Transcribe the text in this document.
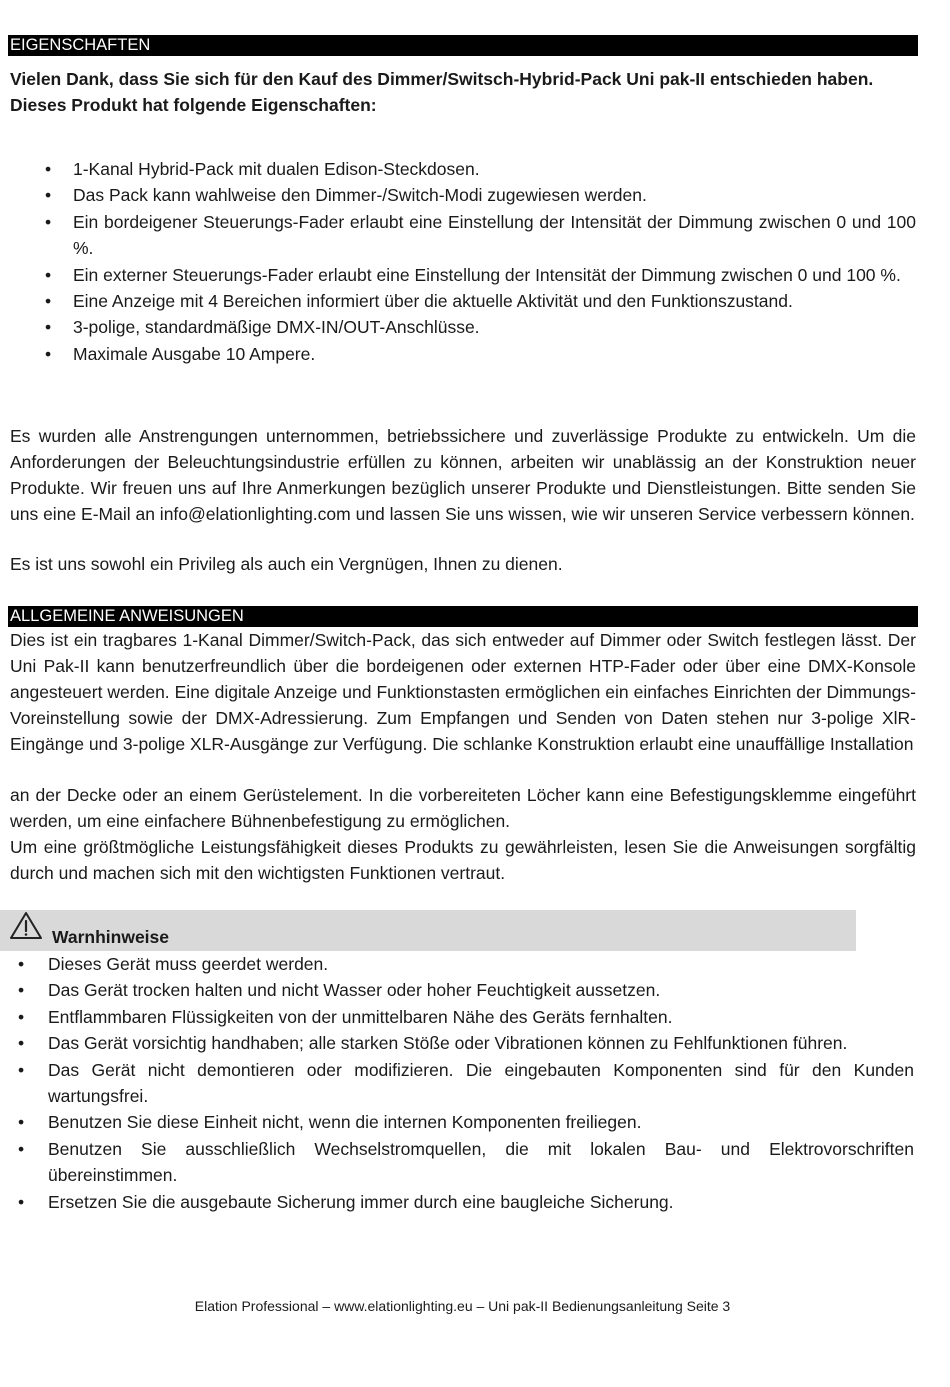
EIGENSCHAFTEN

Vielen Dank, dass Sie sich für den Kauf des Dimmer/Switsch-Hybrid-Pack Uni pak-II entschieden haben.

Dieses Produkt hat folgende Eigenschaften:

• 1-Kanal Hybrid-Pack mit dualen Edison-Steckdosen.
• Das Pack kann wahlweise den Dimmer-/Switch-Modi zugewiesen werden.
• Ein bordeigener Steuerungs-Fader erlaubt eine Einstellung der Intensität der Dimmung zwischen 0 und 100 %.
• Ein externer Steuerungs-Fader erlaubt eine Einstellung der Intensität der Dimmung zwischen 0 und 100 %.
• Eine Anzeige mit 4 Bereichen informiert über die aktuelle Aktivität und den Funktionszustand.
• 3-polige, standardmäßige DMX-IN/OUT-Anschlüsse.
• Maximale Ausgabe 10 Ampere.

Es wurden alle Anstrengungen unternommen, betriebssichere und zuverlässige Produkte zu entwickeln. Um die Anforderungen der Beleuchtungsindustrie erfüllen zu können, arbeiten wir unablässig an der Konstruktion neuer Produkte. Wir freuen uns auf Ihre Anmerkungen bezüglich unserer Produkte und Dienstleistungen. Bitte senden Sie uns eine E-Mail an info@elationlighting.com und lassen Sie uns wissen, wie wir unseren Service verbessern können.

Es ist uns sowohl ein Privileg als auch ein Vergnügen, Ihnen zu dienen.

ALLGEMEINE ANWEISUNGEN

Dies ist ein tragbares 1-Kanal Dimmer/Switch-Pack, das sich entweder auf Dimmer oder Switch festlegen lässt. Der Uni Pak-II kann benutzerfreundlich über die bordeigenen oder externen HTP-Fader oder über eine DMX-Konsole angesteuert werden. Eine digitale Anzeige und Funktionstasten ermöglichen ein einfaches Einrichten der Dimmungs-Voreinstellung sowie der DMX-Adressierung. Zum Empfangen und Senden von Daten stehen nur 3-polige XlR-Eingänge und 3-polige XLR-Ausgänge zur Verfügung. Die schlanke Konstruktion erlaubt eine unauffällige Installation

an der Decke oder an einem Gerüstelement. In die vorbereiteten Löcher kann eine Befestigungsklemme eingeführt werden, um eine einfachere Bühnenbefestigung zu ermöglichen.

Um eine größtmögliche Leistungsfähigkeit dieses Produkts zu gewährleisten, lesen Sie die Anweisungen sorgfältig durch und machen sich mit den wichtigsten Funktionen vertraut.

Warnhinweise
• Dieses Gerät muss geerdet werden.
• Das Gerät trocken halten und nicht Wasser oder hoher Feuchtigkeit aussetzen.
• Entflammbaren Flüssigkeiten von der unmittelbaren Nähe des Geräts fernhalten.
• Das Gerät vorsichtig handhaben; alle starken Stöße oder Vibrationen können zu Fehlfunktionen führen.
• Das Gerät nicht demontieren oder modifizieren. Die eingebauten Komponenten sind für den Kunden wartungsfrei.
• Benutzen Sie diese Einheit nicht, wenn die internen Komponenten freiliegen.
• Benutzen Sie ausschließlich Wechselstromquellen, die mit lokalen Bau- und Elektrovorschriften übereinstimmen.
• Ersetzen Sie die ausgebaute Sicherung immer durch eine baugleiche Sicherung.
Elation Professional – www.elationlighting.eu – Uni pak-II Bedienungsanleitung Seite 3
